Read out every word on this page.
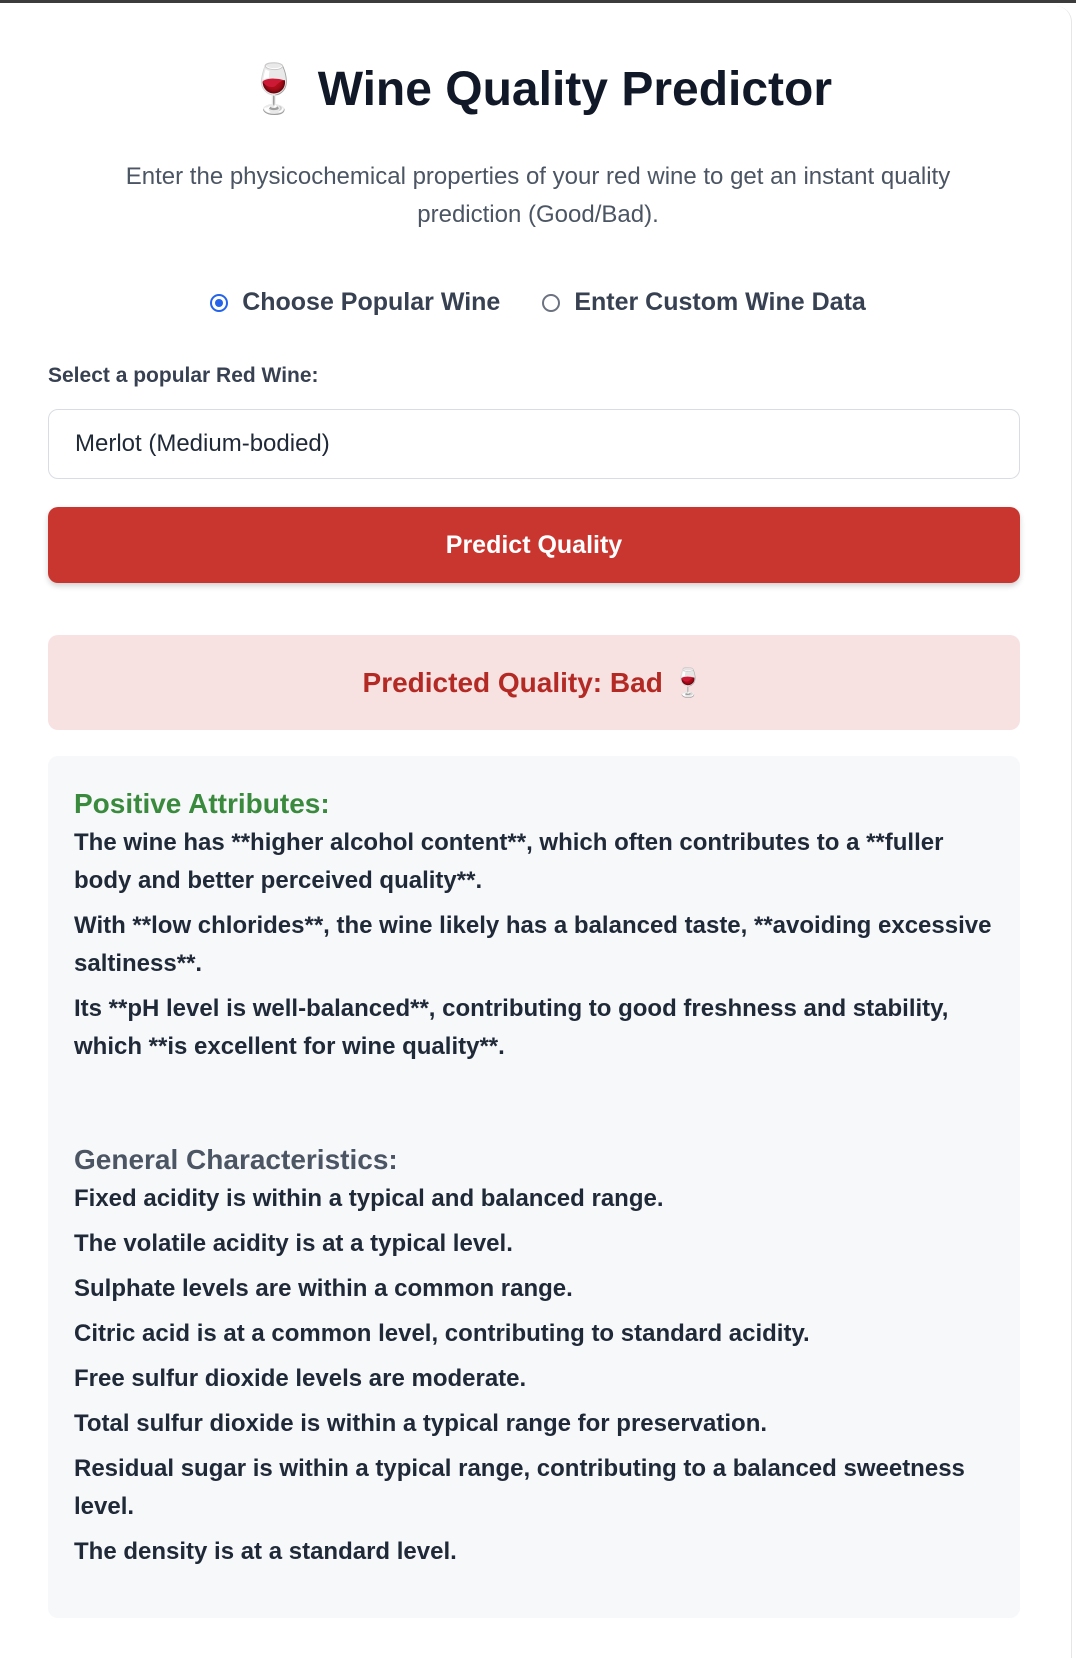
🍷 Wine Quality Predictor
Enter the physicochemical properties of your red wine to get an instant quality prediction (Good/Bad).
Choose Popular Wine	Enter Custom Wine Data
Select a popular Red Wine:
Merlot (Medium-bodied)
Predict Quality
Predicted Quality: Bad
🍷

Positive Attributes:

The wine has **higher alcohol content**, which often contributes to a **fuller body and better perceived quality**.

With **low chlorides**, the wine likely has a balanced taste, **avoiding excessive saltiness**.

Its **pH level is well-balanced**, contributing to good freshness and stability, which **is excellent for wine quality**.

General Characteristics:

Fixed acidity is within a typical and balanced range.

The volatile acidity is at a typical level.

Sulphate levels are within a common range.

Citric acid is at a common level, contributing to standard acidity.

Free sulfur dioxide levels are moderate.

Total sulfur dioxide is within a typical range for preservation.

Residual sugar is within a typical range, contributing to a balanced sweetness level.

The density is at a standard level.
